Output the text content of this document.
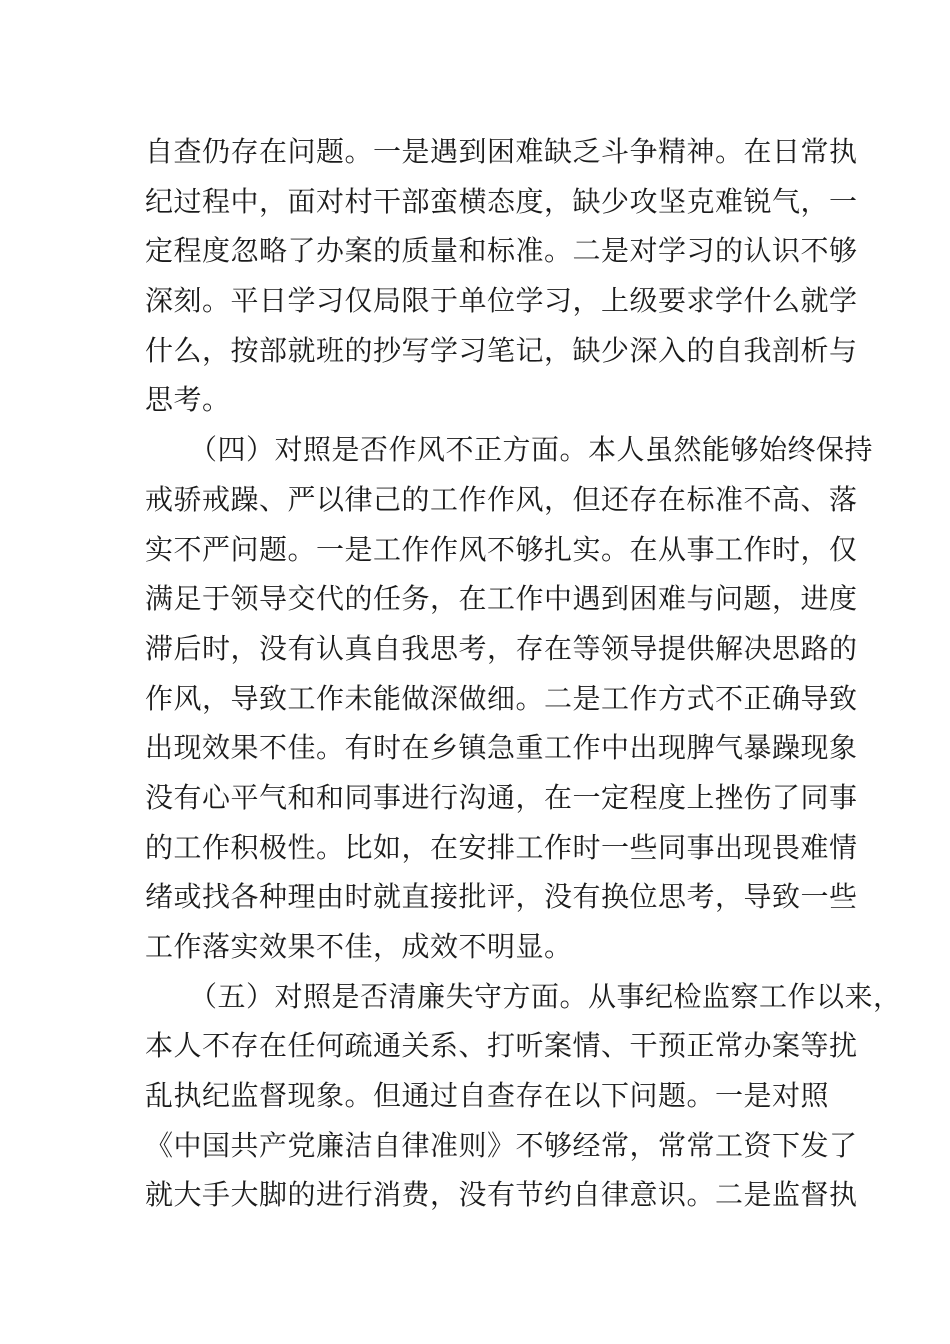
自查仍存在问题。一是遇到困难缺乏斗争精神。在日常执
纪过程中，面对村干部蛮横态度，缺少攻坚克难锐气，一
定程度忽略了办案的质量和标准。二是对学习的认识不够
深刻。平日学习仅局限于单位学习，上级要求学什么就学
什么，按部就班的抄写学习笔记，缺少深入的自我剖析与
思考。
（四）对照是否作风不正方面。本人虽然能够始终保持
戒骄戒躁、严以律己的工作作风，但还存在标准不高、落
实不严问题。一是工作作风不够扎实。在从事工作时，仅
满足于领导交代的任务，在工作中遇到困难与问题，进度
滞后时，没有认真自我思考，存在等领导提供解决思路的
作风，导致工作未能做深做细。二是工作方式不正确导致
出现效果不佳。有时在乡镇急重工作中出现脾气暴躁现象
没有心平气和和同事进行沟通，在一定程度上挫伤了同事
的工作积极性。比如，在安排工作时一些同事出现畏难情
绪或找各种理由时就直接批评，没有换位思考，导致一些
工作落实效果不佳，成效不明显。
（五）对照是否清廉失守方面。从事纪检监察工作以来，
本人不存在任何疏通关系、打听案情、干预正常办案等扰
乱执纪监督现象。但通过自查存在以下问题。一是对照
《中国共产党廉洁自律准则》不够经常，常常工资下发了
就大手大脚的进行消费，没有节约自律意识。二是监督执
